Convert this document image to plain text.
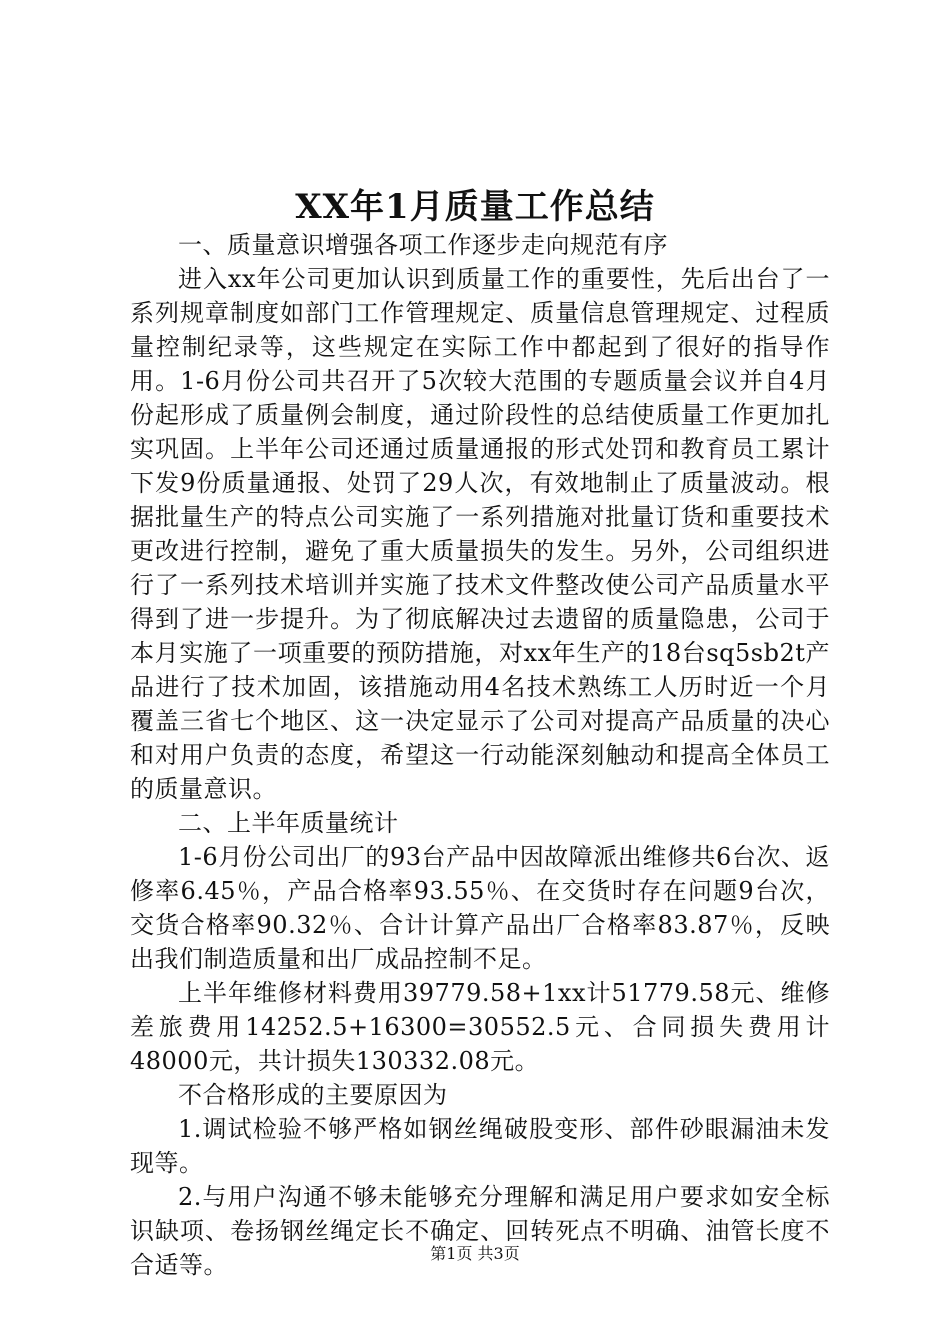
XX年1月质量工作总结

一、质量意识增强各项工作逐步走向规范有序

进入xx年公司更加认识到质量工作的重要性，先后出台了一系列规章制度如部门工作管理规定、质量信息管理规定、过程质量控制纪录等，这些规定在实际工作中都起到了很好的指导作用。1-6月份公司共召开了5次较大范围的专题质量会议并自4月份起形成了质量例会制度，通过阶段性的总结使质量工作更加扎实巩固。上半年公司还通过质量通报的形式处罚和教育员工累计下发9份质量通报、处罚了29人次，有效地制止了质量波动。根据批量生产的特点公司实施了一系列措施对批量订货和重要技术更改进行控制，避免了重大质量损失的发生。另外，公司组织进行了一系列技术培训并实施了技术文件整改使公司产品质量水平得到了进一步提升。为了彻底解决过去遗留的质量隐患，公司于本月实施了一项重要的预防措施，对xx年生产的18台sq5sb2t产品进行了技术加固，该措施动用4名技术熟练工人历时近一个月覆盖三省七个地区、这一决定显示了公司对提高产品质量的决心和对用户负责的态度，希望这一行动能深刻触动和提高全体员工的质量意识。

二、上半年质量统计

1-6月份公司出厂的93台产品中因故障派出维修共6台次、返修率6.45％，产品合格率93.55％、在交货时存在问题9台次，交货合格率90.32％、合计计算产品出厂合格率83.87％，反映出我们制造质量和出厂成品控制不足。

上半年维修材料费用39779.58+1xx计51779.58元、维修差旅费用14252.5+16300=30552.5元、合同损失费用计48000元，共计损失130332.08元。

不合格形成的主要原因为

1.调试检验不够严格如钢丝绳破股变形、部件砂眼漏油未发现等。

2.与用户沟通不够未能够充分理解和满足用户要求如安全标识缺项、卷扬钢丝绳定长不确定、回转死点不明确、油管长度不合适等。	第1页 共3页
